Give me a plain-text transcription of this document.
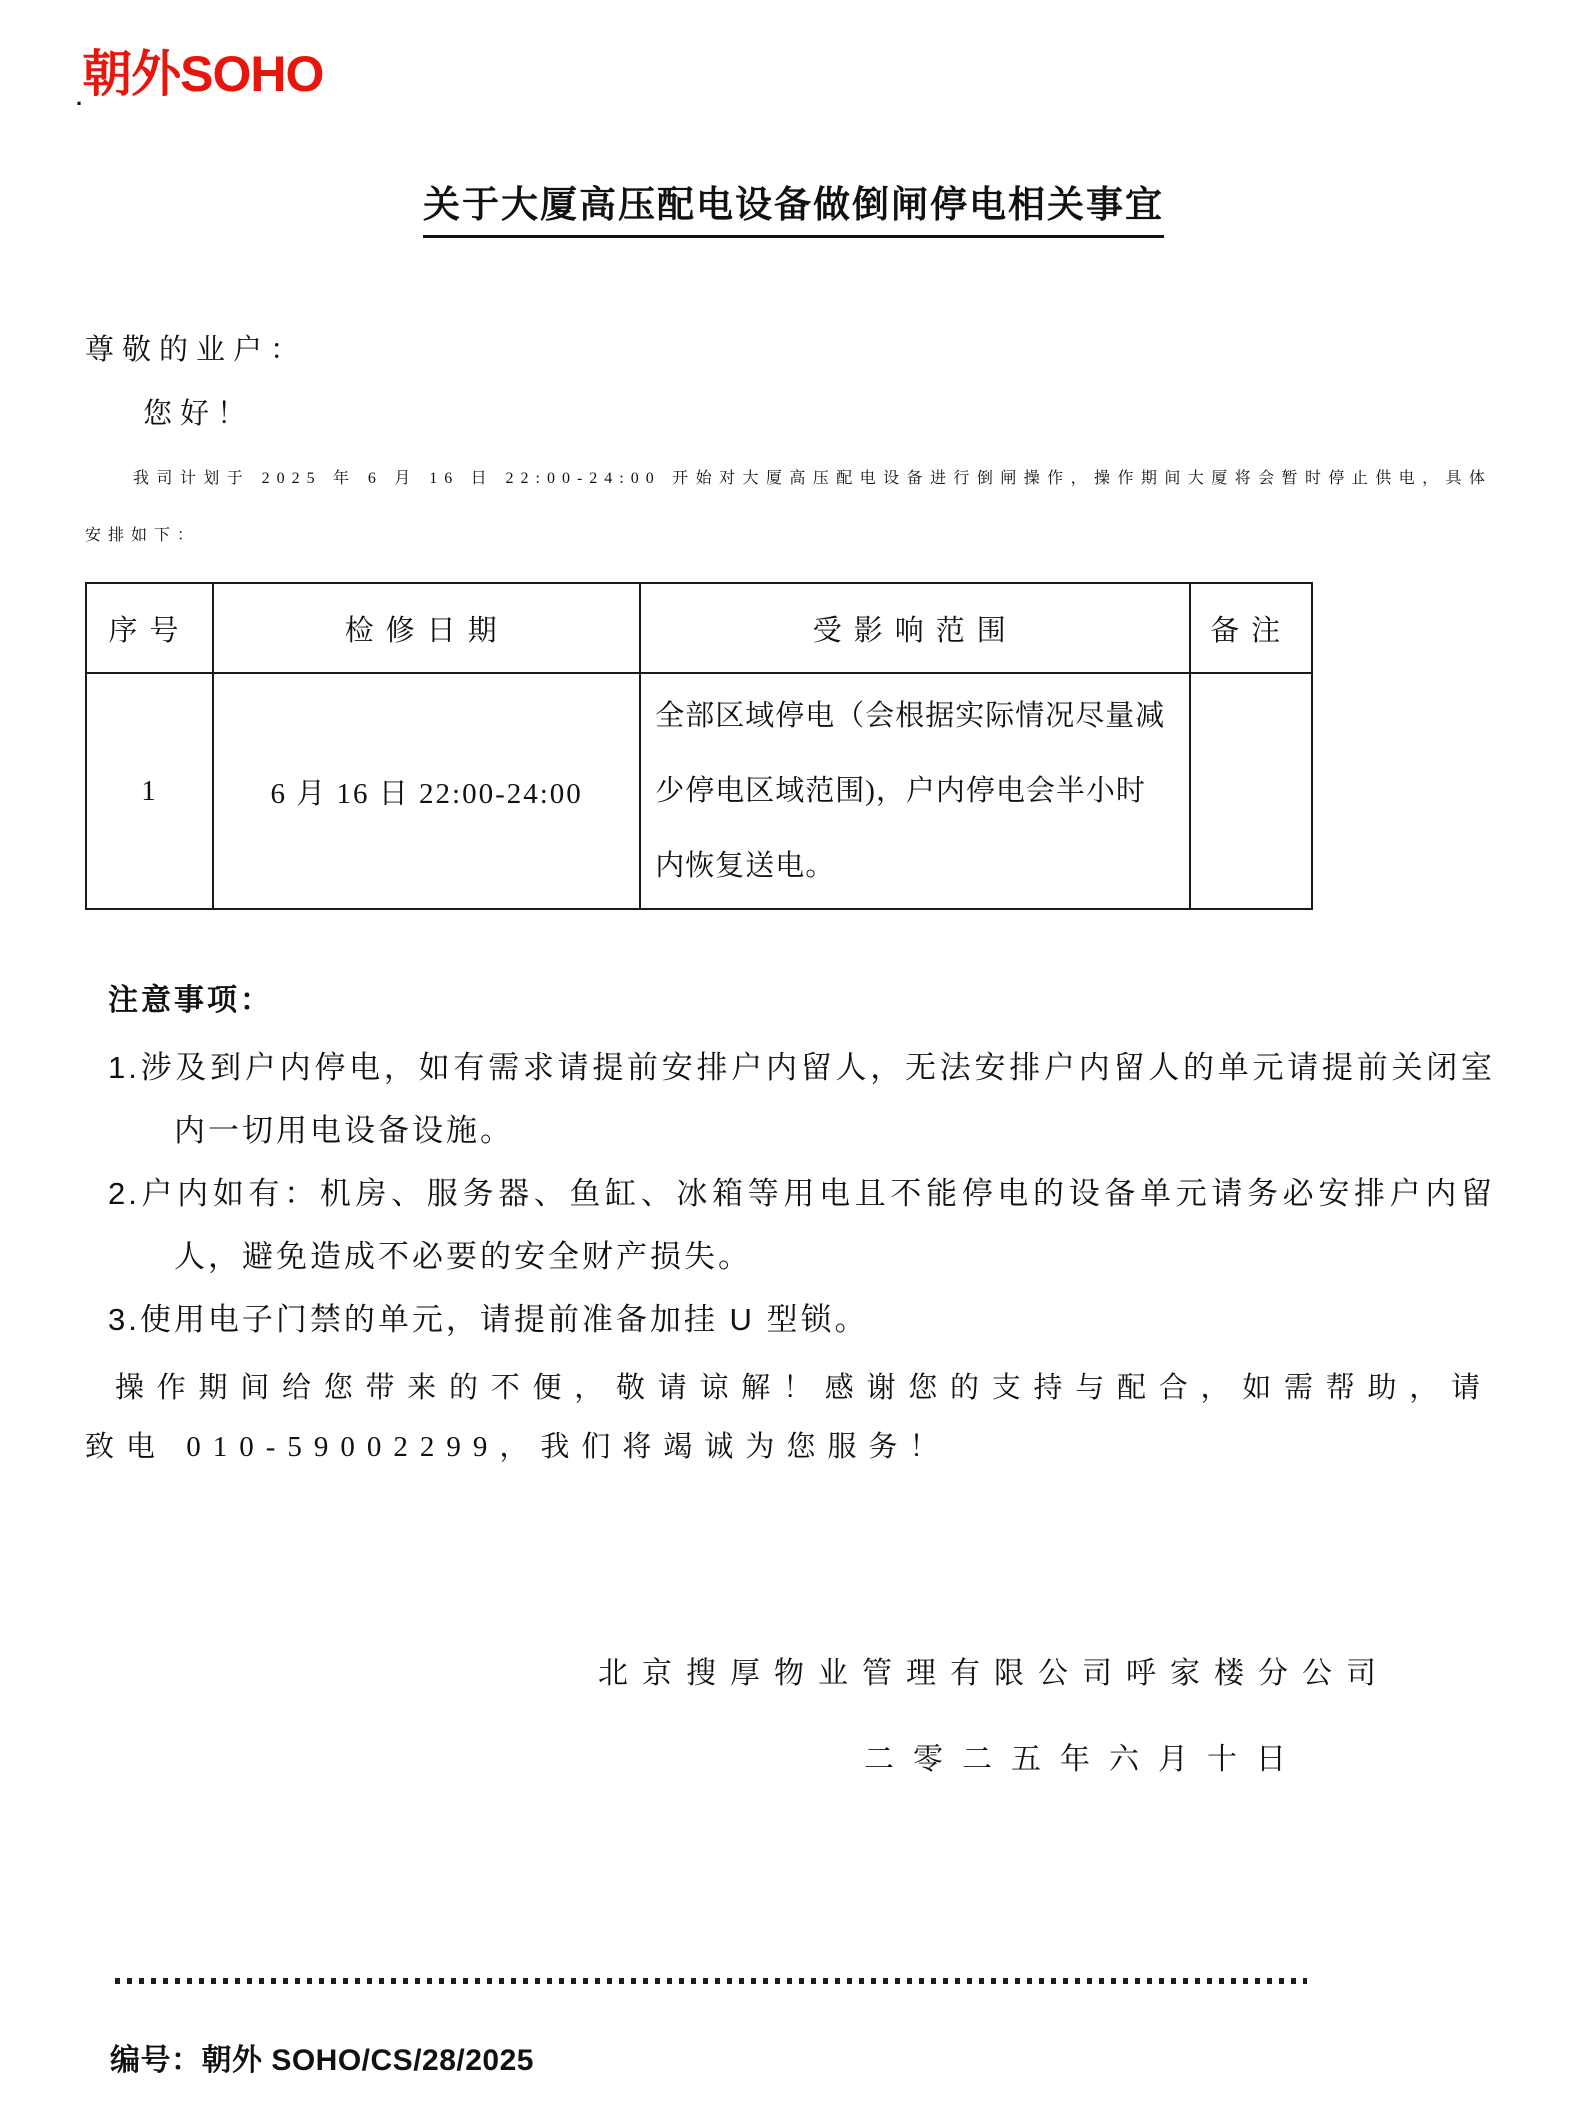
$_.$朝外SOHO
关于大厦高压配电设备做倒闸停电相关事宜
尊敬的业户：
您好！

我司计划于 2025 年 6 月 16 日 22:00-24:00 开始对大厦高压配电设备进行倒闸操作，操作期间大厦将会暂时停止供电，具体安排如下：

序号	检修日期	受影响范围	备注
1	6 月 16 日 22:00-24:00	全部区域停电（会根据实际情况尽量减少停电区域范围)，户内停电会半小时内恢复送电。	
注意事项：
1.涉及到户内停电，如有需求请提前安排户内留人，无法安排户内留人的单元请提前关闭室内一切用电设备设施。
2.户内如有：机房、服务器、鱼缸、冰箱等用电且不能停电的设备单元请务必安排户内留人，避免造成不必要的安全财产损失。
3.使用电子门禁的单元，请提前准备加挂 U 型锁。

操作期间给您带来的不便，敬请谅解！感谢您的支持与配合，如需帮助，请致电 010-59002299，我们将竭诚为您服务！

北京搜厚物业管理有限公司呼家楼分公司
二零二五年六月十日
编号：朝外 SOHO/CS/28/2025
